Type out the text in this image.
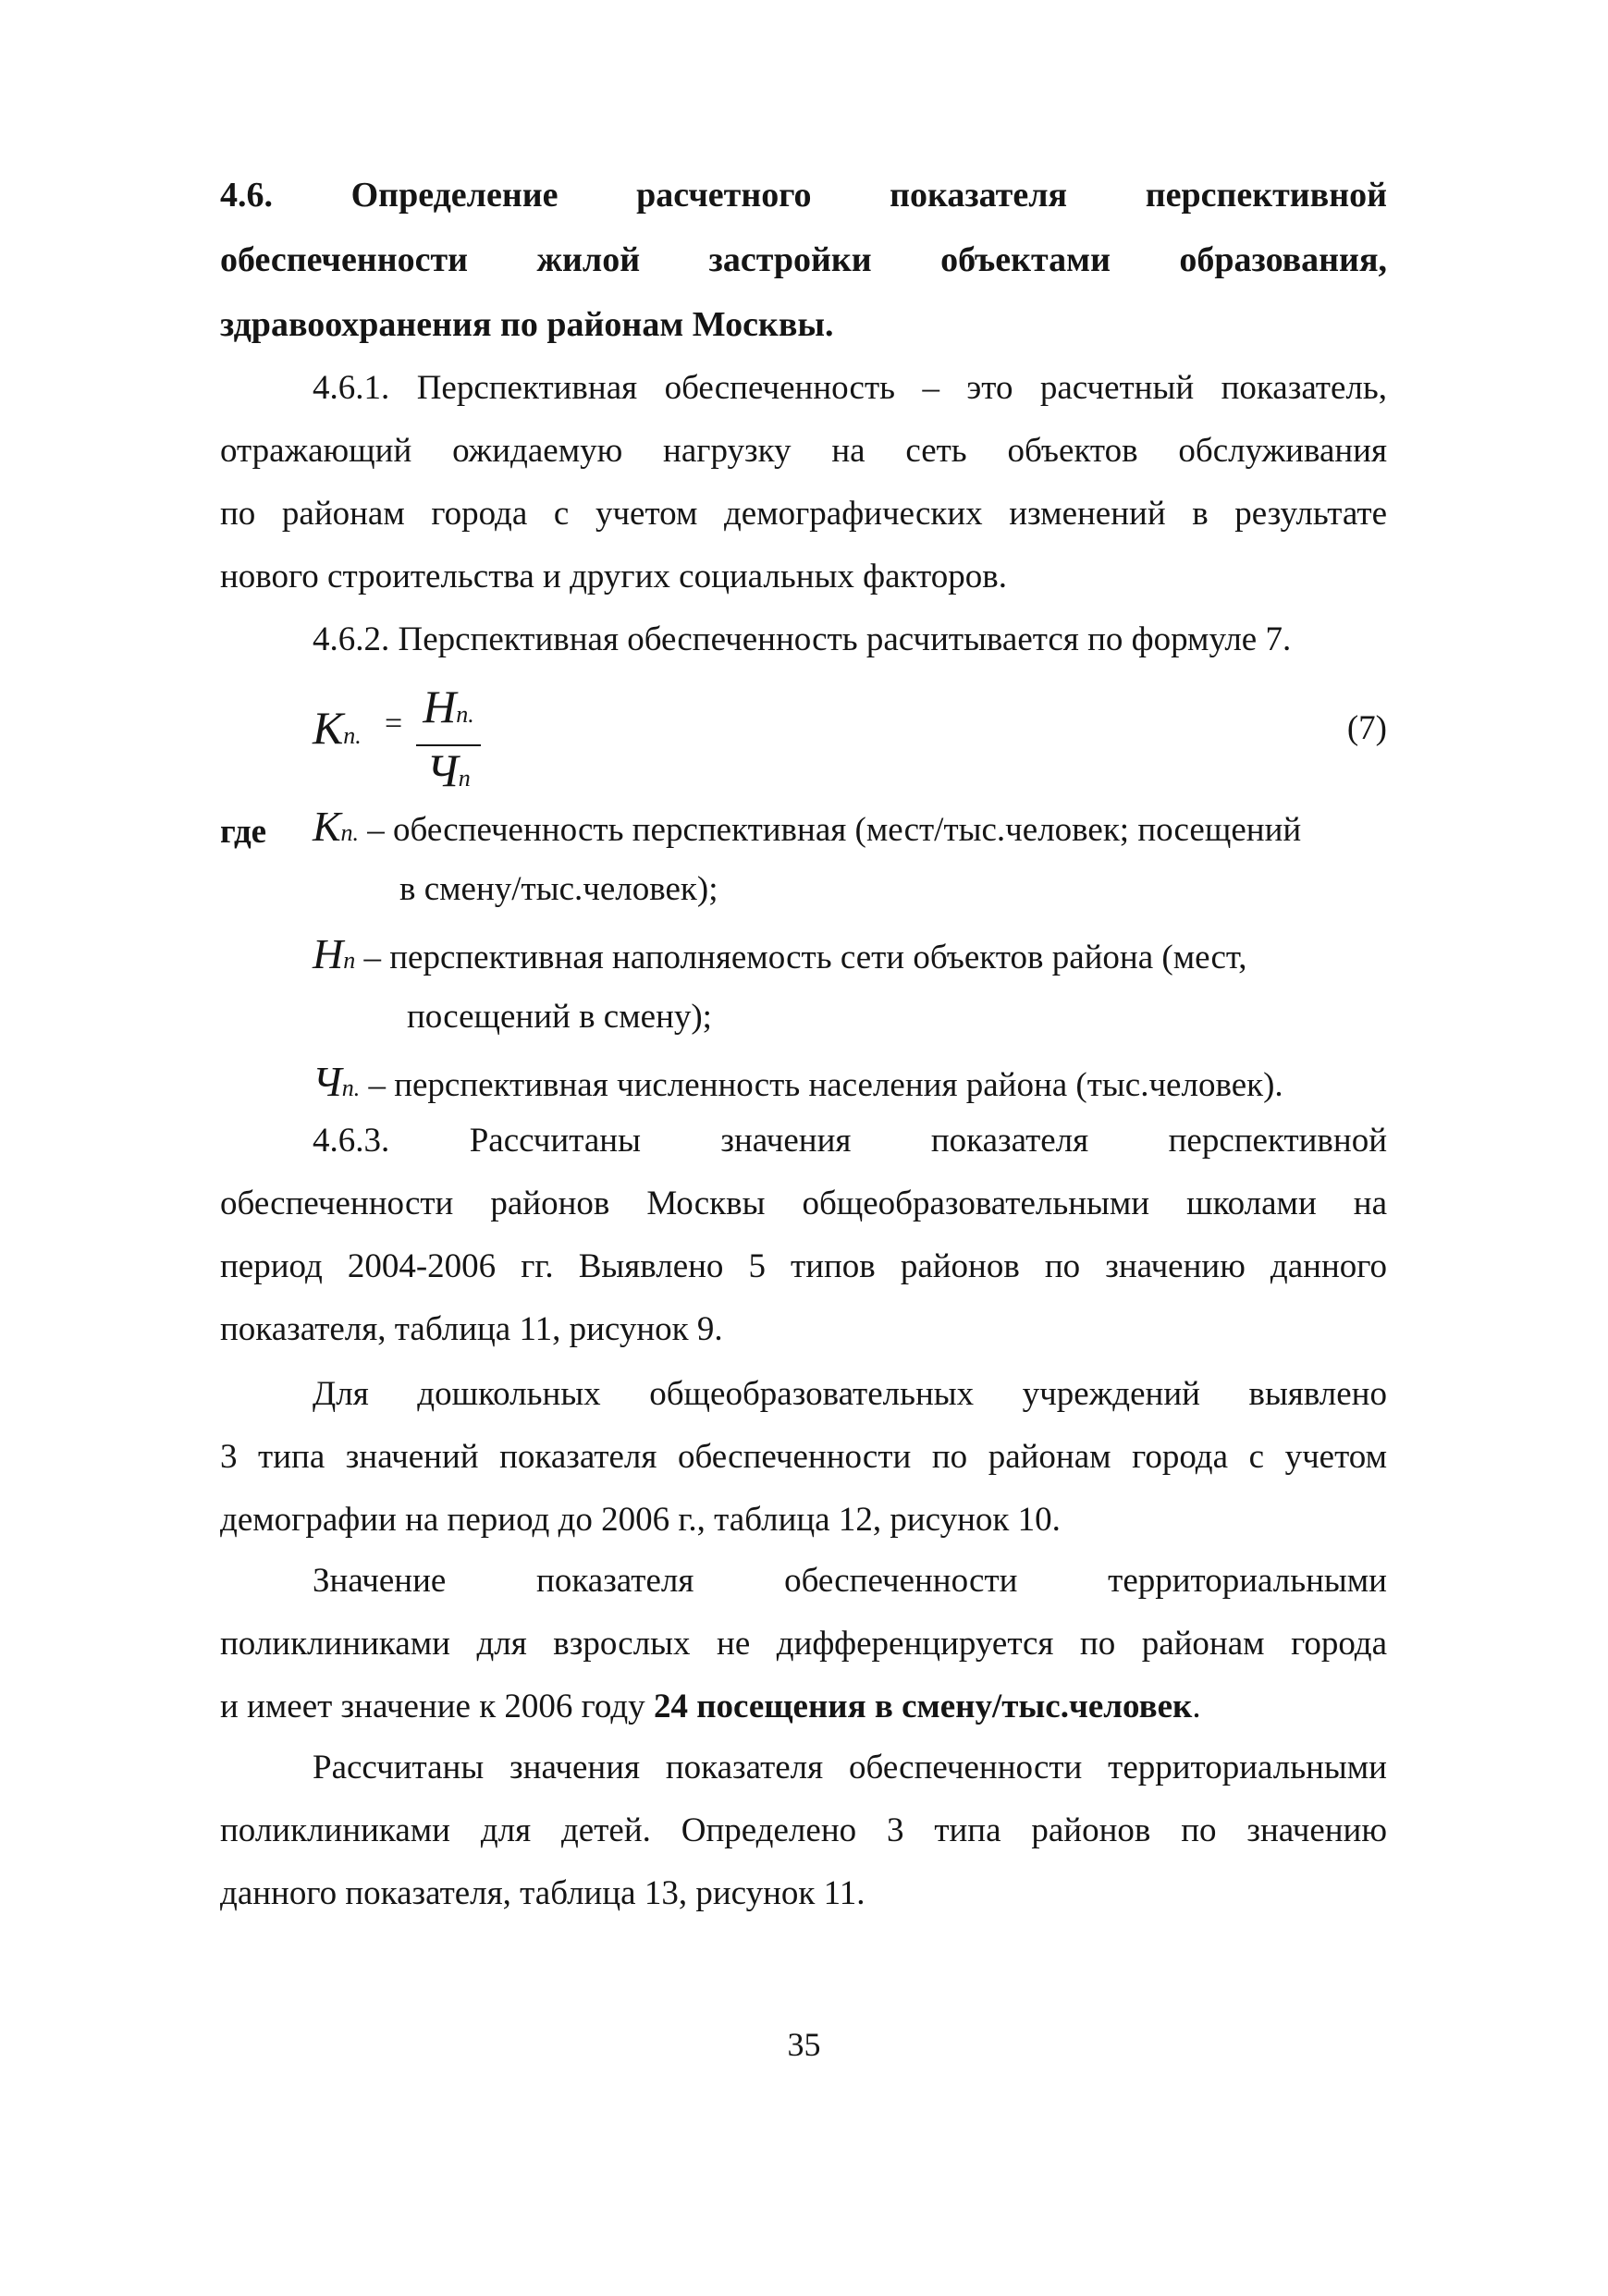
4.6. Определение расчетного показателя перспективной
обеспеченности жилой застройки объектами образования,
здравоохранения по районам Москвы.
4.6.1. Перспективная обеспеченность – это расчетный показатель,
отражающий ожидаемую нагрузку на сеть объектов обслуживания
по районам города с учетом демографических изменений в результате
нового строительства и других социальных факторов.
4.6.2. Перспективная обеспеченность расчитывается по формуле 7.
Кп. = Нп.
Чп
(7)
где Кп. – обеспеченность перспективная (мест/тыс.человек; посещений
в смену/тыс.человек);
Нп – перспективная наполняемость сети объектов района (мест,
посещений в смену);
Чп. – перспективная численность населения района (тыс.человек).
4.6.3. Рассчитаны значения показателя перспективной
обеспеченности районов Москвы общеобразовательными школами на
период 2004-2006 гг. Выявлено 5 типов районов по значению данного
показателя, таблица 11, рисунок 9.
Для дошкольных общеобразовательных учреждений выявлено
3 типа значений показателя обеспеченности по районам города с учетом
демографии на период до 2006 г., таблица 12, рисунок 10.
Значение показателя обеспеченности территориальными
поликлиниками для взрослых не дифференцируется по районам города
и имеет значение к 2006 году 24 посещения в смену/тыс.человек.
Рассчитаны значения показателя обеспеченности территориальными
поликлиниками для детей. Определено 3 типа районов по значению
данного показателя, таблица 13, рисунок 11.
35
